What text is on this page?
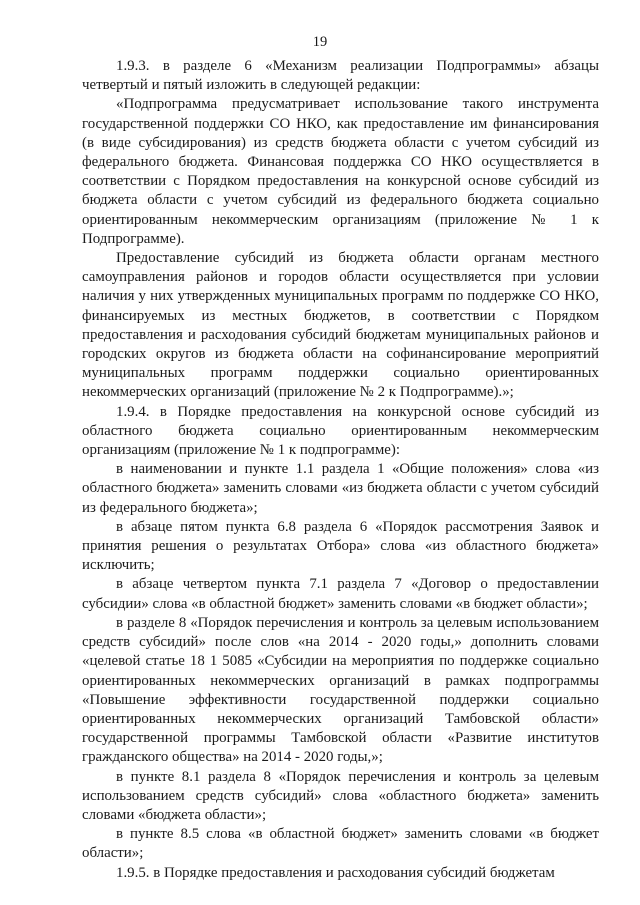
19

1.9.3. в разделе 6 «Механизм реализации Подпрограммы» абзацы четвертый и пятый изложить в следующей редакции:

«Подпрограмма предусматривает использование такого инструмента государственной поддержки СО НКО, как предоставление им финансирования (в виде субсидирования) из средств бюджета области с учетом субсидий из федерального бюджета. Финансовая поддержка СО НКО осуществляется в соответствии с Порядком предоставления на конкурсной основе субсидий из бюджета области с учетом субсидий из федерального бюджета социально ориентированным некоммерческим организациям (приложение № 1 к Подпрограмме).

Предоставление субсидий из бюджета области органам местного самоуправления районов и городов области осуществляется при условии наличия у них утвержденных муниципальных программ по поддержке СО НКО, финансируемых из местных бюджетов, в соответствии с Порядком предоставления и расходования субсидий бюджетам муниципальных районов и городских округов из бюджета области на софинансирование мероприятий муниципальных программ поддержки социально ориентированных некоммерческих организаций (приложение № 2 к Подпрограмме).»;

1.9.4. в Порядке предоставления на конкурсной основе субсидий из областного бюджета социально ориентированным некоммерческим организациям (приложение № 1 к подпрограмме):

в наименовании и пункте 1.1 раздела 1 «Общие положения» слова «из областного бюджета» заменить словами «из бюджета области с учетом субсидий из федерального бюджета»;

в абзаце пятом пункта 6.8 раздела 6 «Порядок рассмотрения Заявок и принятия решения о результатах Отбора» слова «из областного бюджета» исключить;

в абзаце четвертом пункта 7.1 раздела 7 «Договор о предоставлении субсидии» слова «в областной бюджет» заменить словами «в бюджет области»;

в разделе 8 «Порядок перечисления и контроль за целевым использованием средств субсидий» после слов «на 2014 - 2020 годы,» дополнить словами «целевой статье 18 1 5085 «Субсидии на мероприятия по поддержке социально ориентированных некоммерческих организаций в рамках подпрограммы «Повышение эффективности государственной поддержки социально ориентированных некоммерческих организаций Тамбовской области» государственной программы Тамбовской области «Развитие институтов гражданского общества» на 2014 - 2020 годы,»;

в пункте 8.1 раздела 8 «Порядок перечисления и контроль за целевым использованием средств субсидий» слова «областного бюджета» заменить словами «бюджета области»;

в пункте 8.5 слова «в областной бюджет» заменить словами «в бюджет области»;

1.9.5. в Порядке предоставления и расходования субсидий бюджетам
